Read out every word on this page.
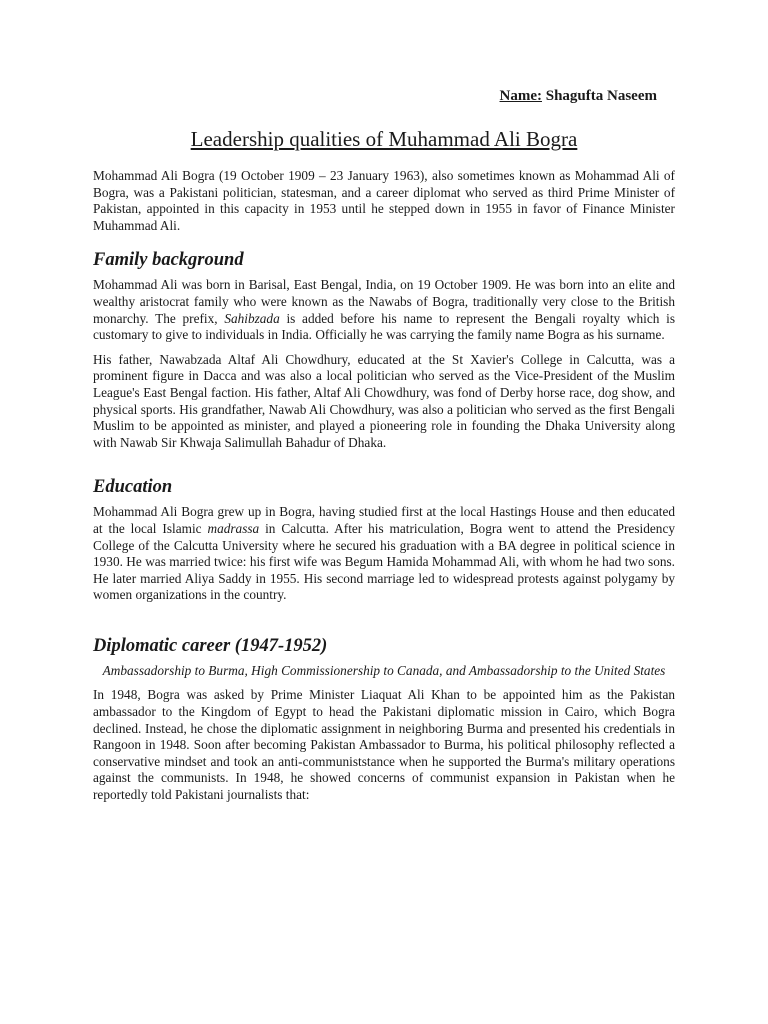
Name: Shagufta Naseem
Leadership qualities of Muhammad Ali Bogra

Mohammad Ali Bogra (19 October 1909 – 23 January 1963), also sometimes known as Mohammad Ali of Bogra, was a Pakistani politician, statesman, and a career diplomat who served as third Prime Minister of Pakistan, appointed in this capacity in 1953 until he stepped down in 1955 in favor of Finance Minister Muhammad Ali.

Family background

Mohammad Ali was born in Barisal, East Bengal, India, on 19 October 1909. He was born into an elite and wealthy aristocrat family who were known as the Nawabs of Bogra, traditionally very close to the British monarchy. The prefix, Sahibzada is added before his name to represent the Bengali royalty which is customary to give to individuals in India. Officially he was carrying the family name Bogra as his surname.

His father, Nawabzada Altaf Ali Chowdhury, educated at the St Xavier's College in Calcutta, was a prominent figure in Dacca and was also a local politician who served as the Vice-President of the Muslim League's East Bengal faction. His father, Altaf Ali Chowdhury, was fond of Derby horse race, dog show, and physical sports. His grandfather, Nawab Ali Chowdhury, was also a politician who served as the first Bengali Muslim to be appointed as minister, and played a pioneering role in founding the Dhaka University along with Nawab Sir Khwaja Salimullah Bahadur of Dhaka.

Education

Mohammad Ali Bogra grew up in Bogra, having studied first at the local Hastings House and then educated at the local Islamic madrassa in Calcutta. After his matriculation, Bogra went to attend the Presidency College of the Calcutta University where he secured his graduation with a BA degree in political science in 1930. He was married twice: his first wife was Begum Hamida Mohammad Ali, with whom he had two sons. He later married Aliya Saddy in 1955. His second marriage led to widespread protests against polygamy by women organizations in the country.

Diplomatic career (1947-1952)
Ambassadorship to Burma, High Commissionership to Canada, and Ambassadorship to the United States

In 1948, Bogra was asked by Prime Minister Liaquat Ali Khan to be appointed him as the Pakistan ambassador to the Kingdom of Egypt to head the Pakistani diplomatic mission in Cairo, which Bogra declined. Instead, he chose the diplomatic assignment in neighboring Burma and presented his credentials in Rangoon in 1948. Soon after becoming Pakistan Ambassador to Burma, his political philosophy reflected a conservative mindset and took an anti-communiststance when he supported the Burma's military operations against the communists. In 1948, he showed concerns of communist expansion in Pakistan when he reportedly told Pakistani journalists that:
